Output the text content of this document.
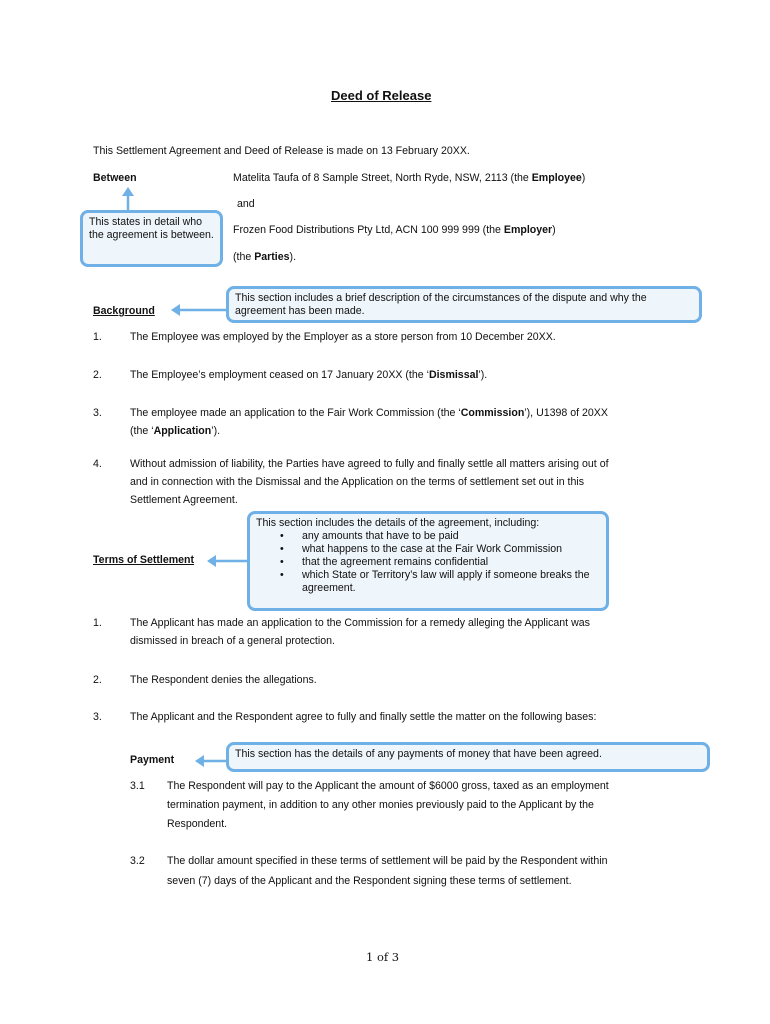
Deed of Release
This Settlement Agreement and Deed of Release is made on 13 February 20XX.
Between	Matelita Taufa of 8 Sample Street, North Ryde, NSW, 2113 (the Employee)
and
Frozen Food Distributions Pty Ltd, ACN 100 999 999 (the Employer)
(the Parties).
This states in detail who the agreement is between.
Background
This section includes a brief description of the circumstances of the dispute and why the agreement has been made.
1.	The Employee was employed by the Employer as a store person from 10 December 20XX.
2.	The Employee’s employment ceased on 17 January 20XX (the ‘Dismissal’).
3.	The employee made an application to the Fair Work Commission (the ‘Commission’), U1398 of 20XX
(the ‘Application’).
4.	Without admission of liability, the Parties have agreed to fully and finally settle all matters arising out of
and in connection with the Dismissal and the Application on the terms of settlement set out in this
Settlement Agreement.
Terms of Settlement
This section includes the details of the agreement, including:
• any amounts that have to be paid
• what happens to the case at the Fair Work Commission
• that the agreement remains confidential
• which State or Territory’s law will apply if someone breaks the agreement.
1.	The Applicant has made an application to the Commission for a remedy alleging the Applicant was
dismissed in breach of a general protection.
2.	The Respondent denies the allegations.
3.	The Applicant and the Respondent agree to fully and finally settle the matter on the following bases:
Payment	This section has the details of any payments of money that have been agreed.
3.1 The Respondent will pay to the Applicant the amount of $6000 gross, taxed as an employment
termination payment, in addition to any other monies previously paid to the Applicant by the
Respondent.
3.2 The dollar amount specified in these terms of settlement will be paid by the Respondent within
seven (7) days of the Applicant and the Respondent signing these terms of settlement.
1 of 3
